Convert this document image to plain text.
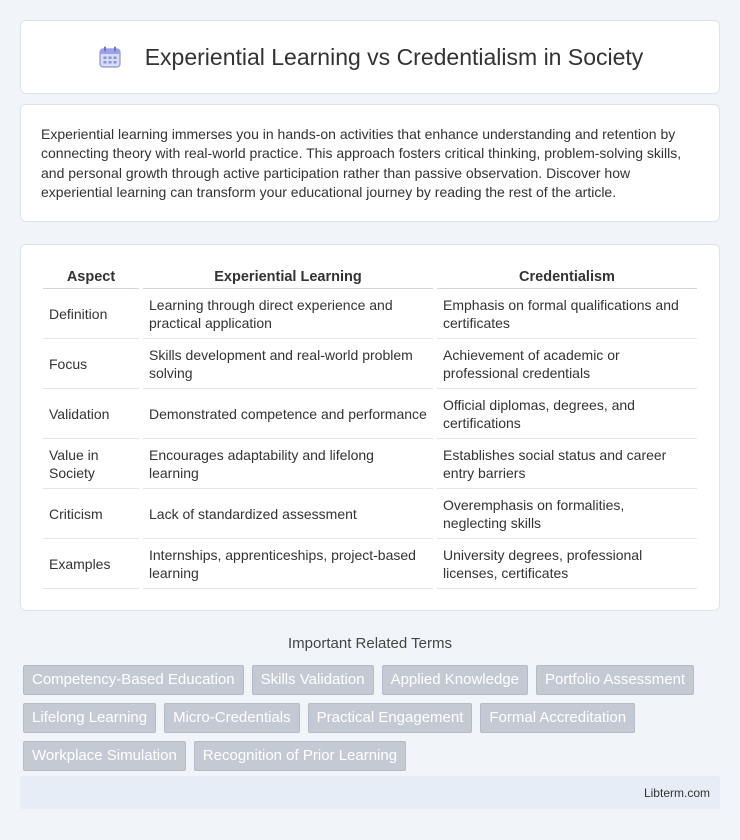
Experiential Learning vs Credentialism in Society

Experiential learning immerses you in hands-on activities that enhance understanding and retention by connecting theory with real-world practice. This approach fosters critical thinking, problem-solving skills, and personal growth through active participation rather than passive observation. Discover how experiential learning can transform your educational journey by reading the rest of the article.

Aspect	Experiential Learning	Credentialism
Definition	Learning through direct experience and practical application	Emphasis on formal qualifications and certificates
Focus	Skills development and real-world problem solving	Achievement of academic or professional credentials
Validation	Demonstrated competence and performance	Official diplomas, degrees, and certifications
Value in Society	Encourages adaptability and lifelong learning	Establishes social status and career entry barriers
Criticism	Lack of standardized assessment	Overemphasis on formalities, neglecting skills
Examples	Internships, apprenticeships, project-based learning	University degrees, professional licenses, certificates
Important Related Terms
Competency-Based Education	Skills Validation	Applied Knowledge	Portfolio Assessment
Lifelong Learning	Micro-Credentials	Practical Engagement	Formal Accreditation
Workplace Simulation	Recognition of Prior Learning
Libterm.com
